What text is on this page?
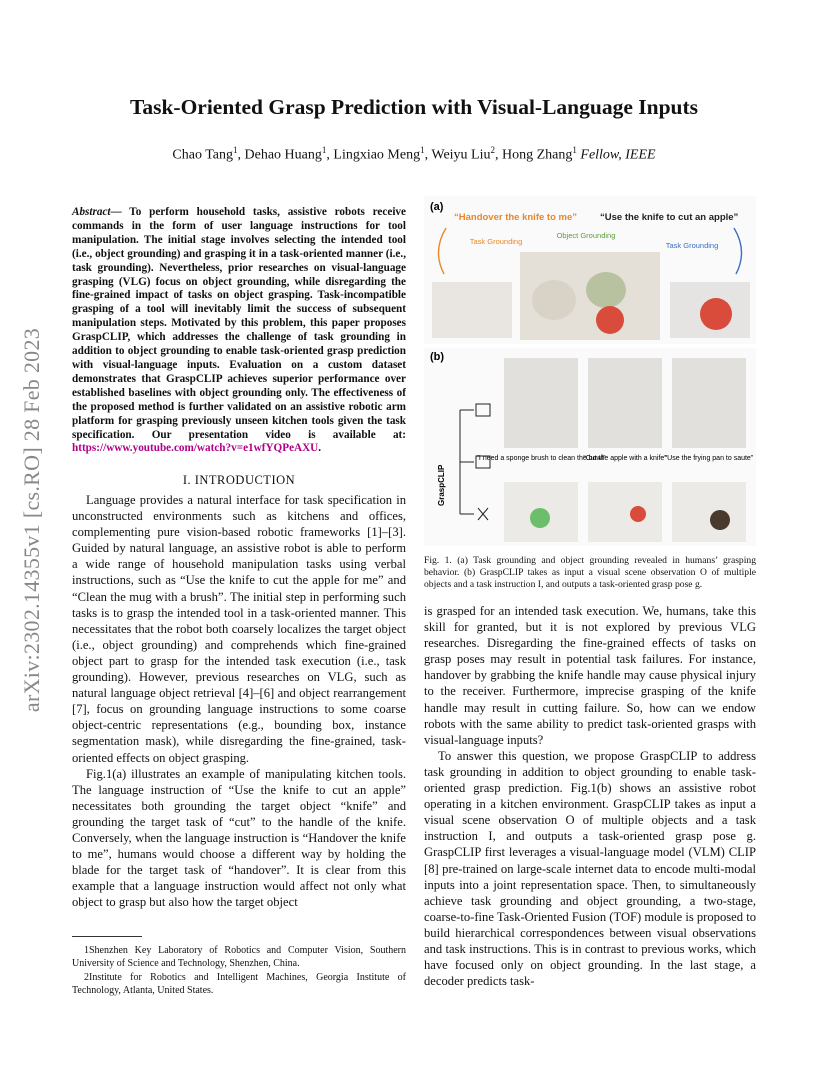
arXiv:2302.14355v1 [cs.RO] 28 Feb 2023
Task-Oriented Grasp Prediction with Visual-Language Inputs
Chao Tang$^1$, Dehao Huang$^1$, Lingxiao Meng$^1$, Weiyu Liu$^2$, Hong Zhang$^1$ Fellow, IEEE
Abstract— To perform household tasks, assistive robots receive commands in the form of user language instructions for tool manipulation. The initial stage involves selecting the intended tool (i.e., object grounding) and grasping it in a task-oriented manner (i.e., task grounding). Nevertheless, prior researches on visual-language grasping (VLG) focus on object grounding, while disregarding the fine-grained impact of tasks on object grasping. Task-incompatible grasping of a tool will inevitably limit the success of subsequent manipulation steps. Motivated by this problem, this paper proposes GraspCLIP, which addresses the challenge of task grounding in addition to object grounding to enable task-oriented grasp prediction with visual-language inputs. Evaluation on a custom dataset demonstrates that GraspCLIP achieves superior performance over established baselines with object grounding only. The effectiveness of the proposed method is further validated on an assistive robotic arm platform for grasping previously unseen kitchen tools given the task specification. Our presentation video is available at: https://www.youtube.com/watch?v=e1wfYQPeAXU.
I. INTRODUCTION

Language provides a natural interface for task specification in unconstructed environments such as kitchens and offices, complementing pure vision-based robotic frameworks [1]–[3]. Guided by natural language, an assistive robot is able to perform a wide range of household manipulation tasks using verbal instructions, such as “Use the knife to cut the apple for me” and “Clean the mug with a brush”. The initial step in performing such tasks is to grasp the intended tool in a task-oriented manner. This necessitates that the robot both coarsely localizes the target object (i.e., object grounding) and comprehends which fine-grained object part to grasp for the intended task execution (i.e., task grounding). However, previous researches on VLG, such as natural language object retrieval [4]–[6] and object rearrangement [7], focus on grounding language instructions to some coarse object-centric representations (e.g., bounding box, instance segmentation mask), while disregarding the fine-grained, task-oriented effects on object grasping.

Fig.1(a) illustrates an example of manipulating kitchen tools. The language instruction of “Use the knife to cut an apple” necessitates both grounding the target object “knife” and grounding the target task of “cut” to the handle of the knife. Conversely, when the language instruction is “Handover the knife to me”, humans would choose a different way by holding the blade for the target task of “handover”. It is clear from this example that a language instruction would affect not only what object to grasp but also how the target object

1Shenzhen Key Laboratory of Robotics and Computer Vision, Southern University of Science and Technology, Shenzhen, China.

2Institute for Robotics and Intelligent Machines, Georgia Institute of Technology, Atlanta, United States.

(a)
“Handover the knife to me” “Use the knife to cut an apple”
Task Grounding
Object Grounding
Task Grounding
(b)
GraspCLIP
“I need a sponge brush to clean the bowl”
“Cut the apple with a knife”
“Use the frying pan to saute”
Fig. 1. (a) Task grounding and object grounding revealed in humans’ grasping behavior. (b) GraspCLIP takes as input a visual scene observation O of multiple objects and a task instruction I, and outputs a task-oriented grasp pose g.

is grasped for an intended task execution. We, humans, take this skill for granted, but it is not explored by previous VLG researches. Disregarding the fine-grained effects of tasks on grasp poses may result in potential task failures. For instance, handover by grabbing the knife handle may cause physical injury to the receiver. Furthermore, imprecise grasping of the knife handle may result in cutting failure. So, how can we endow robots with the same ability to predict task-oriented grasps with visual-language inputs?

To answer this question, we propose GraspCLIP to address task grounding in addition to object grounding to enable task-oriented grasp prediction. Fig.1(b) shows an assistive robot operating in a kitchen environment. GraspCLIP takes as input a visual scene observation O of multiple objects and a task instruction I, and outputs a task-oriented grasp pose g. GraspCLIP first leverages a visual-language model (VLM) CLIP [8] pre-trained on large-scale internet data to encode multi-modal inputs into a joint representation space. Then, to simultaneously achieve task grounding and object grounding, a two-stage, coarse-to-fine Task-Oriented Fusion (TOF) module is proposed to build hierarchical correspondences between visual observations and task instructions. This is in contrast to previous works, which have focused only on object grounding. In the last stage, a decoder predicts task-
